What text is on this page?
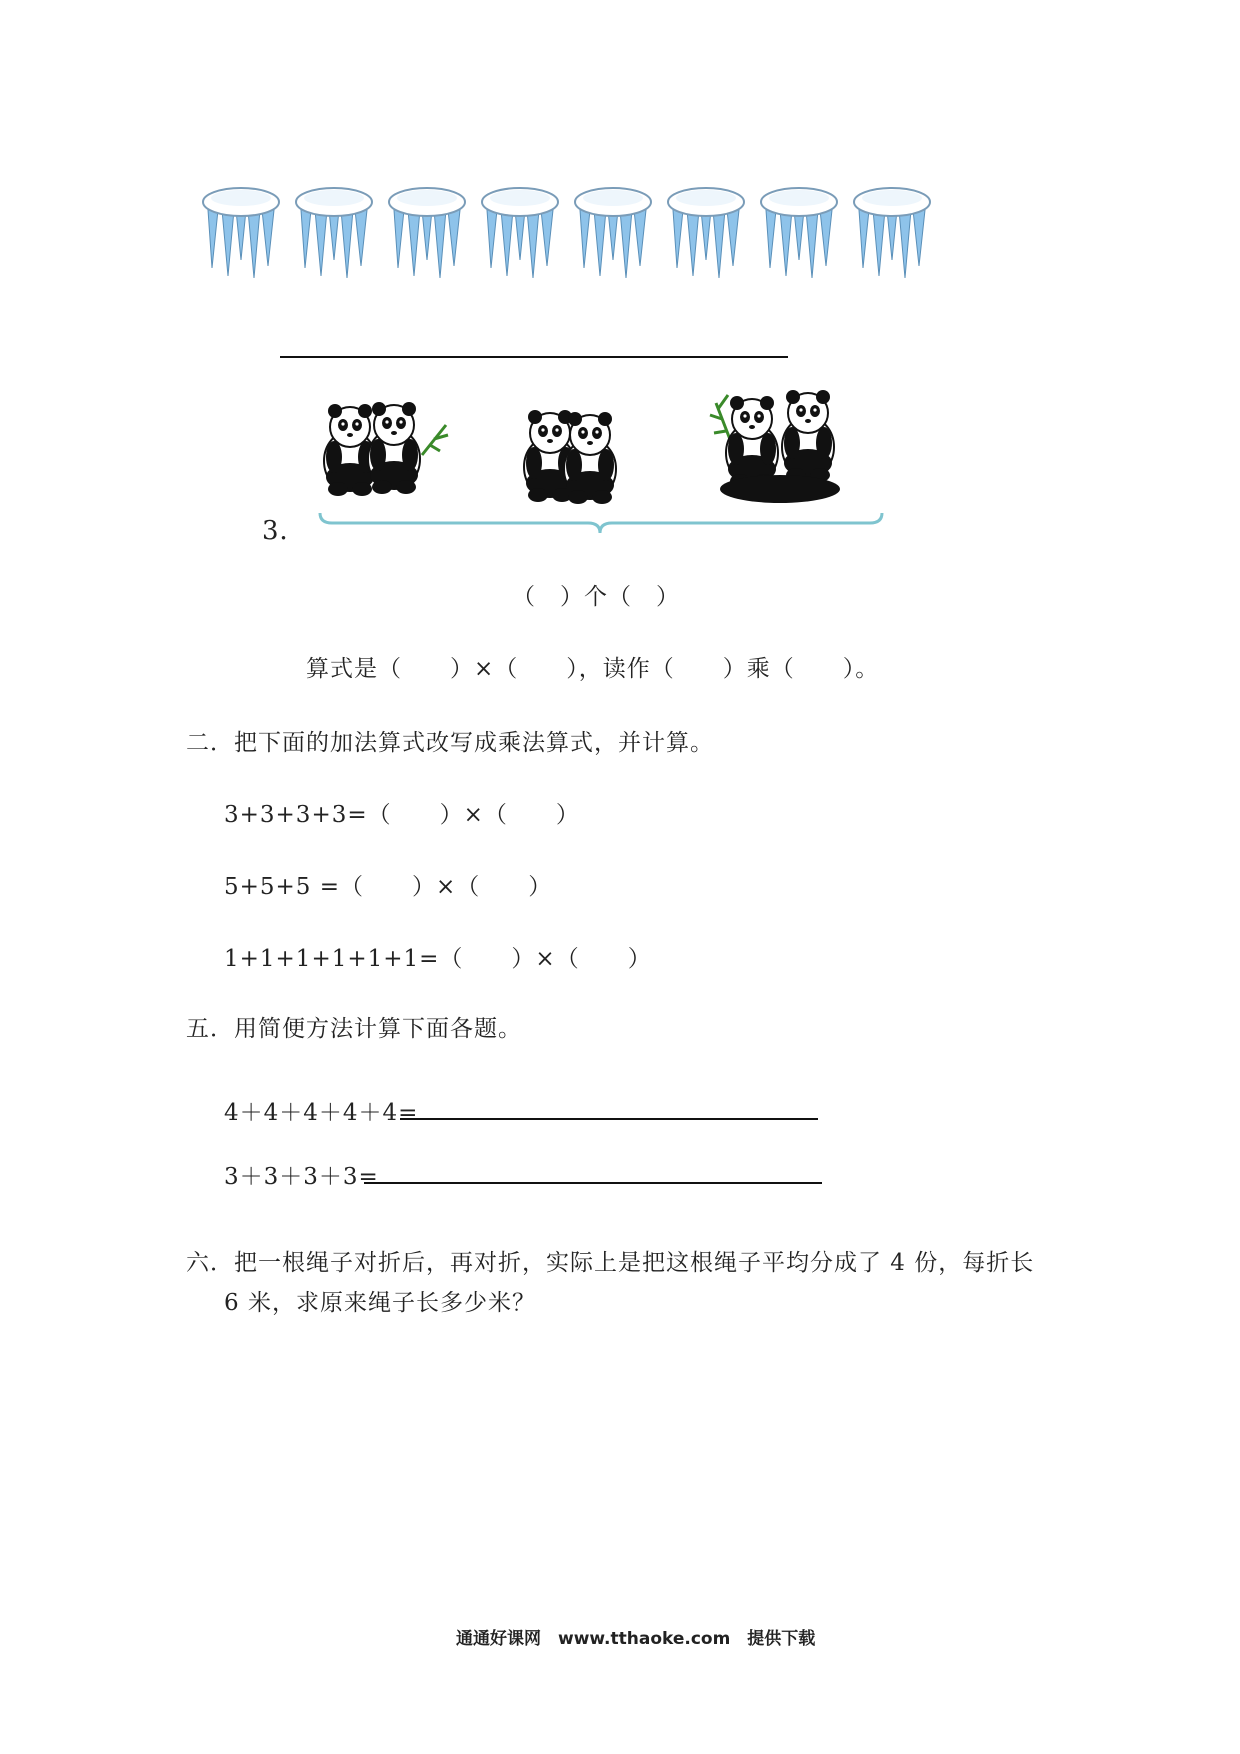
3．
（　）个（　）
算式是（　　）×（　　），读作（　　）乘（　　）。
二．把下面的加法算式改写成乘法算式，并计算。
3+3+3+3=（　　）×（　　）
5+5+5 =（　　）×（　　）
1+1+1+1+1+1=（　　）×（　　）
五．用简便方法计算下面各题。
4＋4＋4＋4＋4=
3＋3＋3＋3=
六．把一根绳子对折后，再对折，实际上是把这根绳子平均分成了 4 份，每折长
6 米，求原来绳子长多少米？
通通好课网　www.tthaoke.com　提供下载
